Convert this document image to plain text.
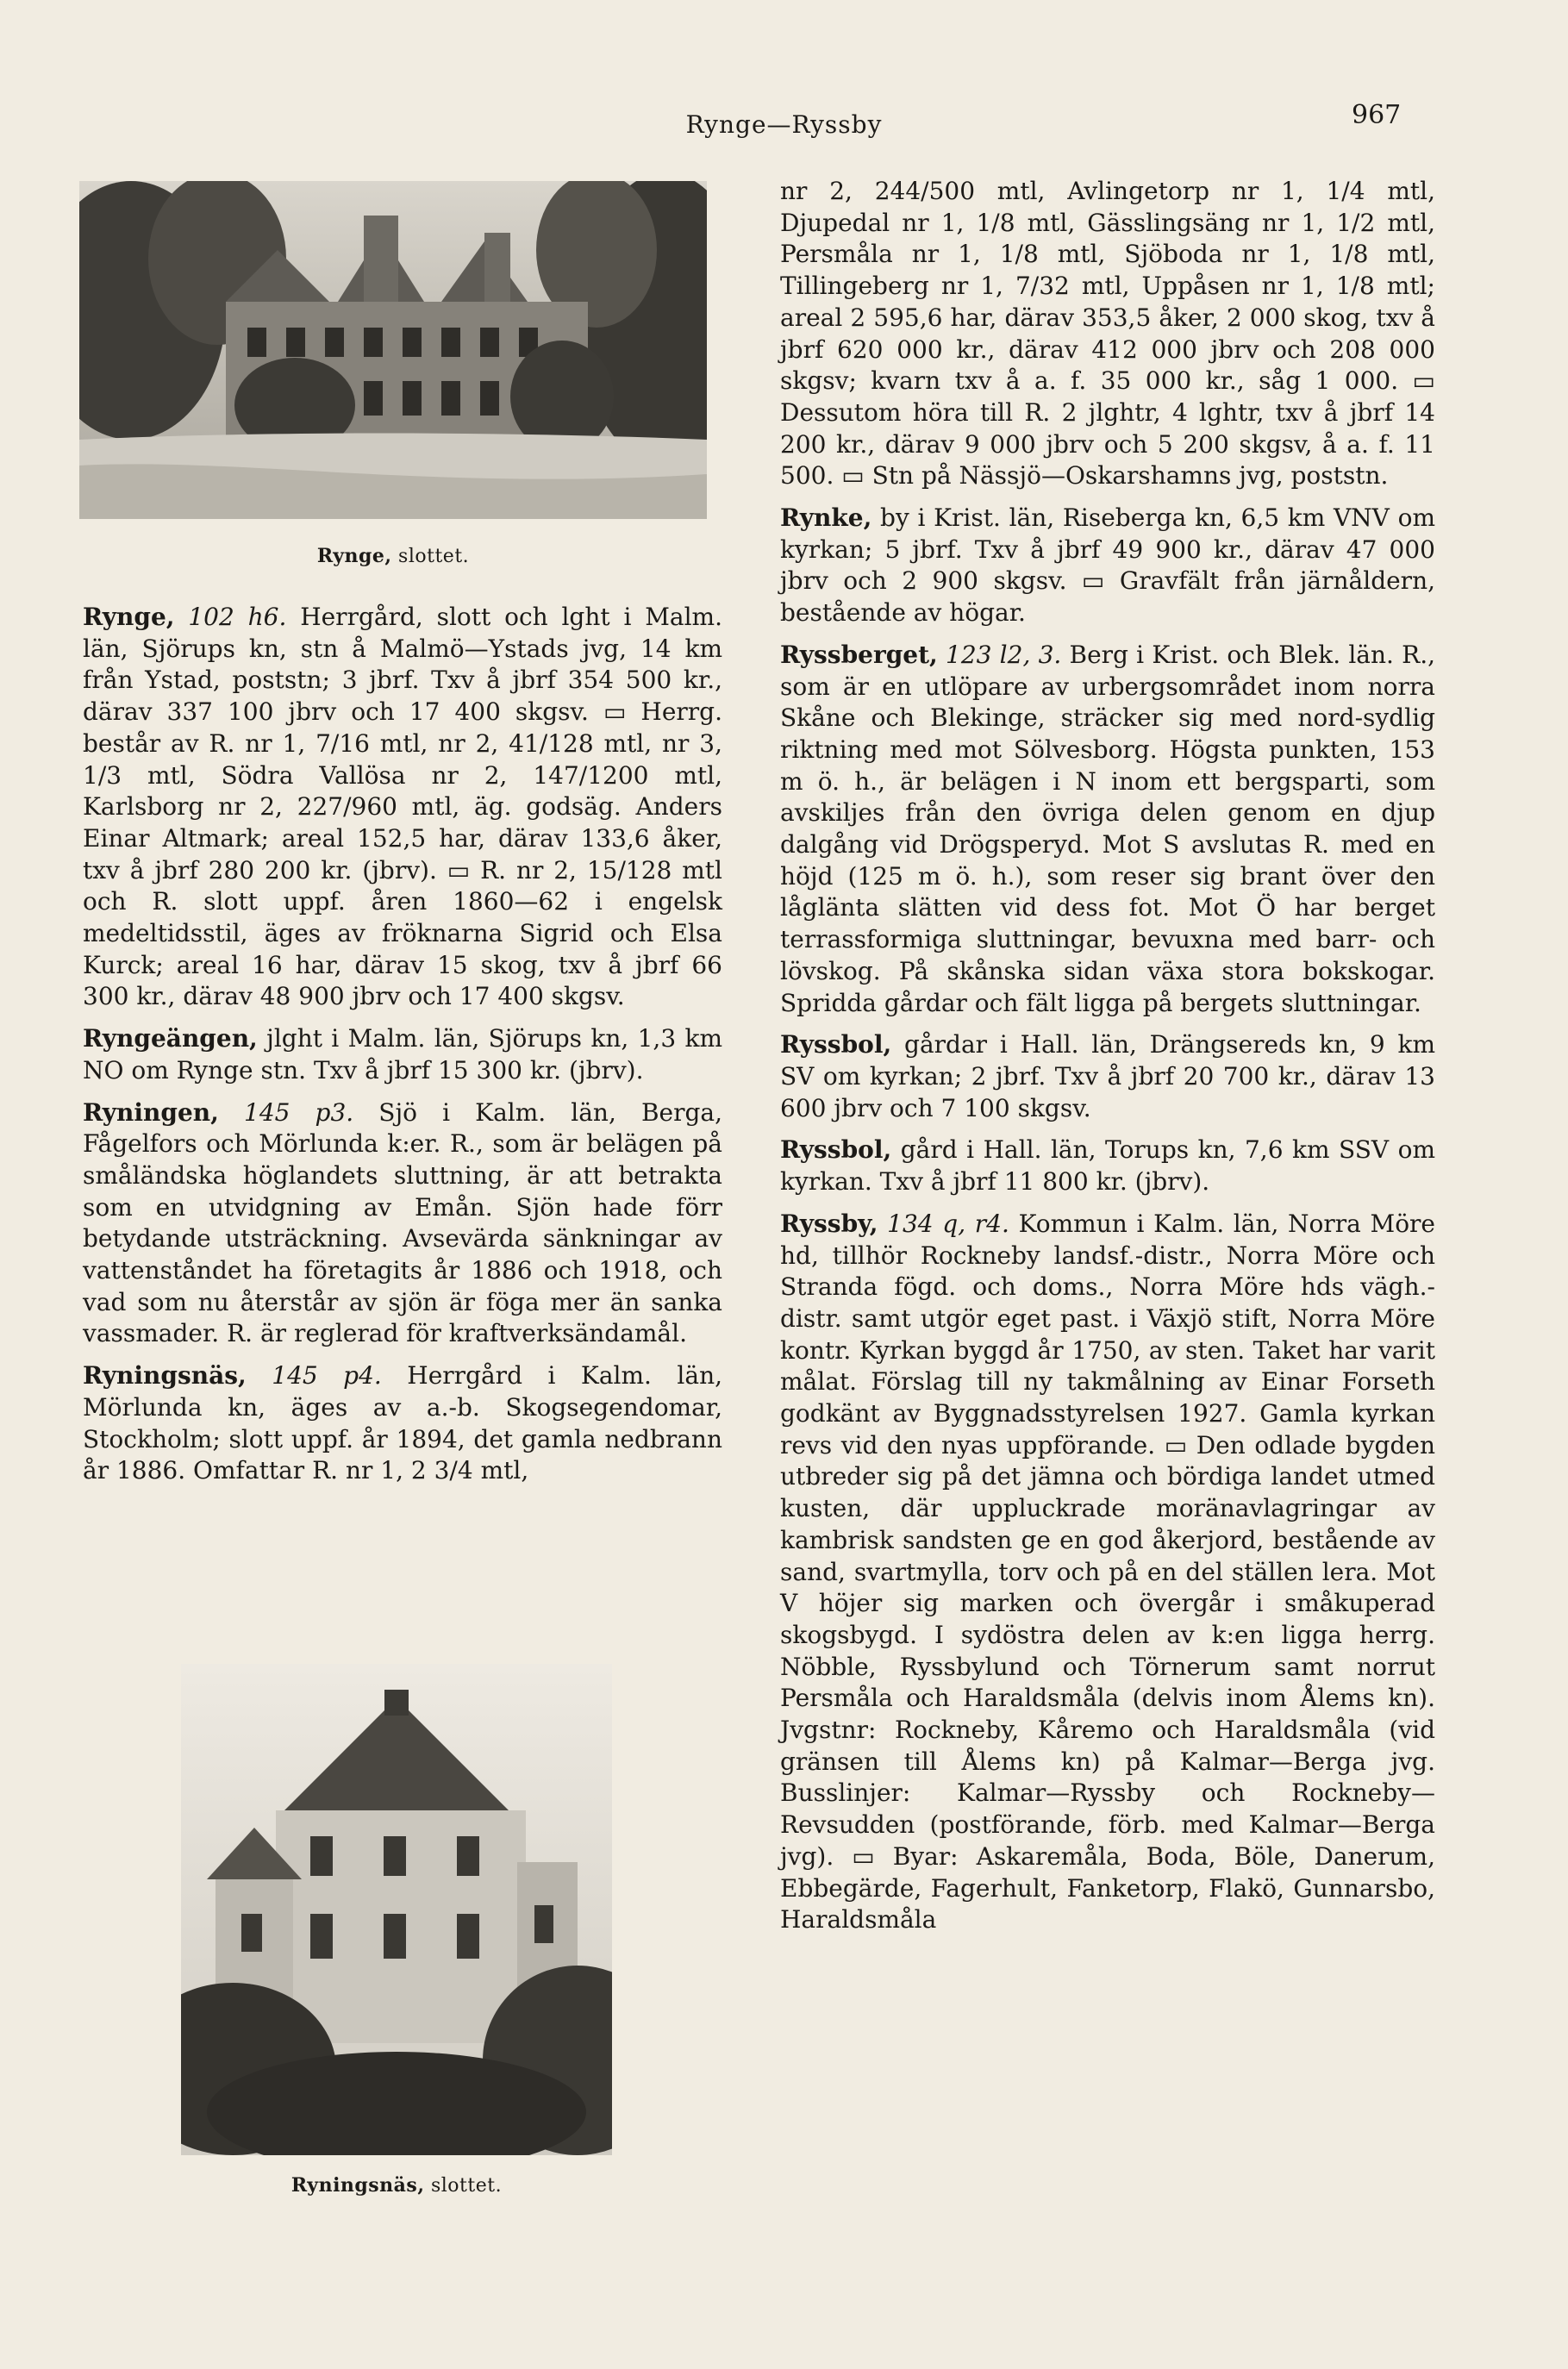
Rynge—Ryssby	967
Rynge, slottet.

Rynge, 102 h6. Herrgård, slott och lght i Malm. län, Sjörups kn, stn å Malmö—Ystads jvg, 14 km från Ystad, poststn; 3 jbrf. Txv å jbrf 354 500 kr., därav 337 100 jbrv och 17 400 skgsv. ▭ Herrg. består av R. nr 1, 7/16 mtl, nr 2, 41/128 mtl, nr 3, 1/3 mtl, Södra Vallösa nr 2, 147/1200 mtl, Karlsborg nr 2, 227/960 mtl, äg. godsäg. Anders Einar Altmark; areal 152,5 har, därav 133,6 åker, txv å jbrf 280 200 kr. (jbrv). ▭ R. nr 2, 15/128 mtl och R. slott uppf. åren 1860—62 i engelsk medeltidsstil, äges av fröknarna Sigrid och Elsa Kurck; areal 16 har, därav 15 skog, txv å jbrf 66 300 kr., därav 48 900 jbrv och 17 400 skgsv.

Ryngeängen, jlght i Malm. län, Sjörups kn, 1,3 km NO om Rynge stn. Txv å jbrf 15 300 kr. (jbrv).

Ryningen, 145 p3. Sjö i Kalm. län, Berga, Fågelfors och Mörlunda k:er. R., som är belägen på småländska höglandets sluttning, är att betrakta som en utvidgning av Emån. Sjön hade förr betydande utsträckning. Avsevärda sänkningar av vattenståndet ha företagits år 1886 och 1918, och vad som nu återstår av sjön är föga mer än sanka vassmader. R. är reglerad för kraftverksändamål.

Ryningsnäs, 145 p4. Herrgård i Kalm. län, Mörlunda kn, äges av a.-b. Skogsegendomar, Stockholm; slott uppf. år 1894, det gamla nedbrann år 1886. Omfattar R. nr 1, 2 3/4 mtl,

Ryningsnäs, slottet.

nr 2, 244/500 mtl, Avlingetorp nr 1, 1/4 mtl, Djupedal nr 1, 1/8 mtl, Gässlingsäng nr 1, 1/2 mtl, Persmåla nr 1, 1/8 mtl, Sjöboda nr 1, 1/8 mtl, Tillingeberg nr 1, 7/32 mtl, Uppåsen nr 1, 1/8 mtl; areal 2 595,6 har, därav 353,5 åker, 2 000 skog, txv å jbrf 620 000 kr., därav 412 000 jbrv och 208 000 skgsv; kvarn txv å a. f. 35 000 kr., såg 1 000. ▭ Dessutom höra till R. 2 jlghtr, 4 lghtr, txv å jbrf 14 200 kr., därav 9 000 jbrv och 5 200 skgsv, å a. f. 11 500. ▭ Stn på Nässjö—Oskarshamns jvg, poststn.

Rynke, by i Krist. län, Riseberga kn, 6,5 km VNV om kyrkan; 5 jbrf. Txv å jbrf 49 900 kr., därav 47 000 jbrv och 2 900 skgsv. ▭ Gravfält från järnåldern, bestående av högar.

Ryssberget, 123 l2, 3. Berg i Krist. och Blek. län. R., som är en utlöpare av urbergsområdet inom norra Skåne och Blekinge, sträcker sig med nord-sydlig riktning med mot Sölvesborg. Högsta punkten, 153 m ö. h., är belägen i N inom ett bergsparti, som avskiljes från den övriga delen genom en djup dalgång vid Drögsperyd. Mot S avslutas R. med en höjd (125 m ö. h.), som reser sig brant över den låglänta slätten vid dess fot. Mot Ö har berget terrassformiga sluttningar, bevuxna med barr- och lövskog. På skånska sidan växa stora bokskogar. Spridda gårdar och fält ligga på bergets sluttningar.

Ryssbol, gårdar i Hall. län, Drängsereds kn, 9 km SV om kyrkan; 2 jbrf. Txv å jbrf 20 700 kr., därav 13 600 jbrv och 7 100 skgsv.

Ryssbol, gård i Hall. län, Torups kn, 7,6 km SSV om kyrkan. Txv å jbrf 11 800 kr. (jbrv).

Ryssby, 134 q, r4. Kommun i Kalm. län, Norra Möre hd, tillhör Rockneby landsf.-distr., Norra Möre och Stranda fögd. och doms., Norra Möre hds vägh.-distr. samt utgör eget past. i Växjö stift, Norra Möre kontr. Kyrkan byggd år 1750, av sten. Taket har varit målat. Förslag till ny takmålning av Einar Forseth godkänt av Byggnadsstyrelsen 1927. Gamla kyrkan revs vid den nyas uppförande. ▭ Den odlade bygden utbreder sig på det jämna och bördiga landet utmed kusten, där uppluckrade moränavlagringar av kambrisk sandsten ge en god åkerjord, bestående av sand, svartmylla, torv och på en del ställen lera. Mot V höjer sig marken och övergår i småkuperad skogsbygd. I sydöstra delen av k:en ligga herrg. Nöbble, Ryssbylund och Törnerum samt norrut Persmåla och Haraldsmåla (delvis inom Ålems kn). Jvgstnr: Rockneby, Kåremo och Haraldsmåla (vid gränsen till Ålems kn) på Kalmar—Berga jvg. Busslinjer: Kalmar—Ryssby och Rockneby—Revsudden (postförande, förb. med Kalmar—Berga jvg). ▭ Byar: Askaremåla, Boda, Böle, Danerum, Ebbegärde, Fagerhult, Fanketorp, Flakö, Gunnarsbo, Haraldsmåla
